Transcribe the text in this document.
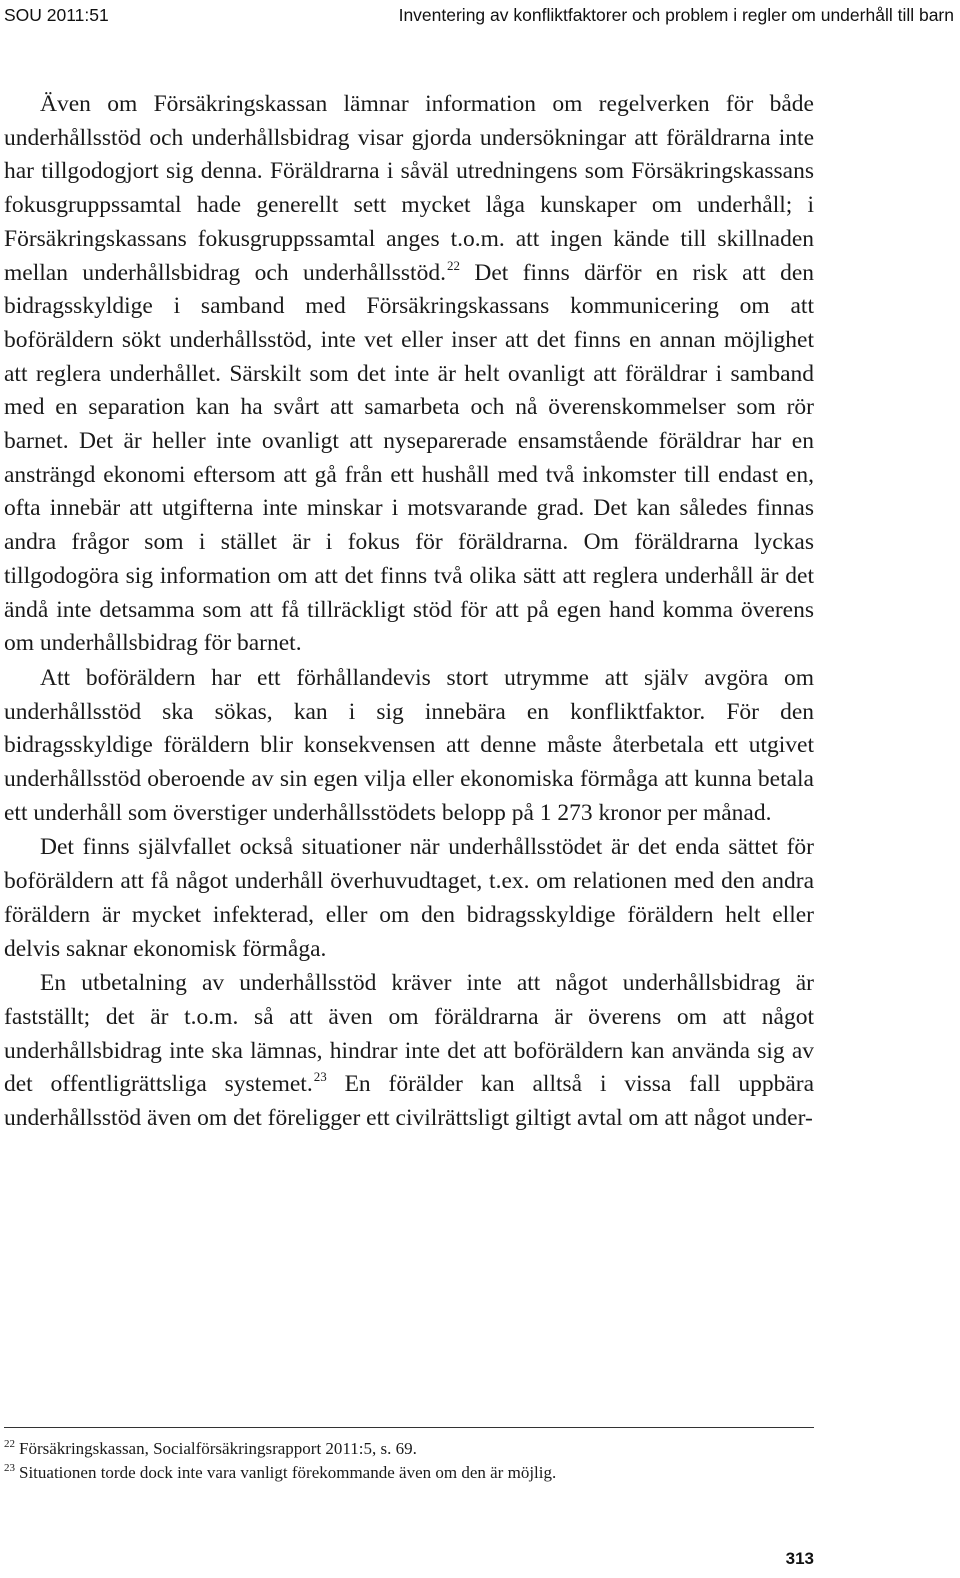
SOU 2011:51	Inventering av konfliktfaktorer och problem i regler om underhåll till barn

Även om Försäkringskassan lämnar information om regelverken för både underhållsstöd och underhållsbidrag visar gjorda undersökningar att föräldrarna inte har tillgodogjort sig denna. Föräldrarna i såväl utredningens som Försäkringskassans fokusgruppssamtal hade generellt sett mycket låga kunskaper om underhåll; i Försäkringskassans fokusgruppssamtal anges t.o.m. att ingen kände till skillnaden mellan underhållsbidrag och underhållsstöd.$^{22}$ Det finns därför en risk att den bidragsskyldige i samband med Försäkringskassans kommunicering om att boföräldern sökt underhållsstöd, inte vet eller inser att det finns en annan möjlighet att reglera underhållet. Särskilt som det inte är helt ovanligt att föräldrar i samband med en separation kan ha svårt att samarbeta och nå överenskommelser som rör barnet. Det är heller inte ovanligt att nyseparerade ensamstående föräldrar har en ansträngd ekonomi eftersom att gå från ett hushåll med två inkomster till endast en, ofta innebär att utgifterna inte minskar i motsvarande grad. Det kan således finnas andra frågor som i stället är i fokus för föräldrarna. Om föräldrarna lyckas tillgodogöra sig information om att det finns två olika sätt att reglera underhåll är det ändå inte detsamma som att få tillräckligt stöd för att på egen hand komma överens om underhållsbidrag för barnet.

Att boföräldern har ett förhållandevis stort utrymme att själv avgöra om underhållsstöd ska sökas, kan i sig innebära en konfliktfaktor. För den bidragsskyldige föräldern blir konsekvensen att denne måste återbetala ett utgivet underhållsstöd oberoende av sin egen vilja eller ekonomiska förmåga att kunna betala ett underhåll som överstiger underhållsstödets belopp på 1 273 kronor per månad.

Det finns självfallet också situationer när underhållsstödet är det enda sättet för boföräldern att få något underhåll överhuvudtaget, t.ex. om relationen med den andra föräldern är mycket infekterad, eller om den bidragsskyldige föräldern helt eller delvis saknar ekonomisk förmåga.

En utbetalning av underhållsstöd kräver inte att något underhållsbidrag är fastställt; det är t.o.m. så att även om föräldrarna är överens om att något underhållsbidrag inte ska lämnas, hindrar inte det att boföräldern kan använda sig av det offentligrättsliga systemet.$^{23}$ En förälder kan alltså i vissa fall uppbära underhållsstöd även om det föreligger ett civilrättsligt giltigt avtal om att något under-

$^{22}$ Försäkringskassan, Socialförsäkringsrapport 2011:5, s. 69.

$^{23}$ Situationen torde dock inte vara vanligt förekommande även om den är möjlig.

313
